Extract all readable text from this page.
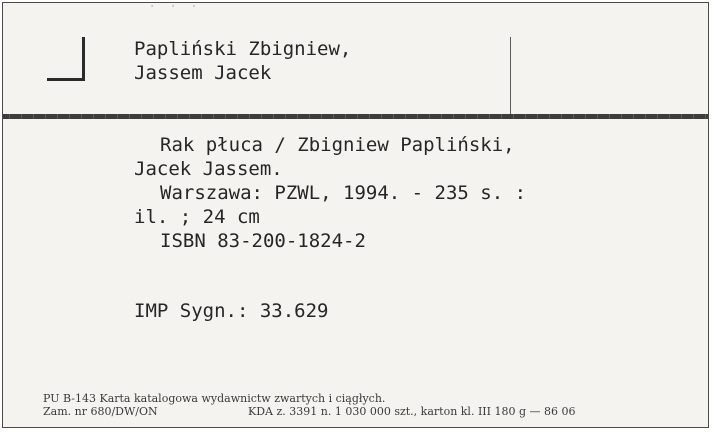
· · ·
Papliński Zbigniew,
Jassem Jacek
Rak płuca / Zbigniew Papliński,
Jacek Jassem.
Warszawa: PZWL, 1994. - 235 s. :
il. ; 24 cm
ISBN 83-200-1824-2
IMP Sygn.: 33.629
PU B-143 Karta katalogowa wydawnictw zwartych i ciągłych.
Zam. nr 680/DW/ON	KDA z. 3391 n. 1 030 000 szt., karton kl. III 180 g — 86 06
